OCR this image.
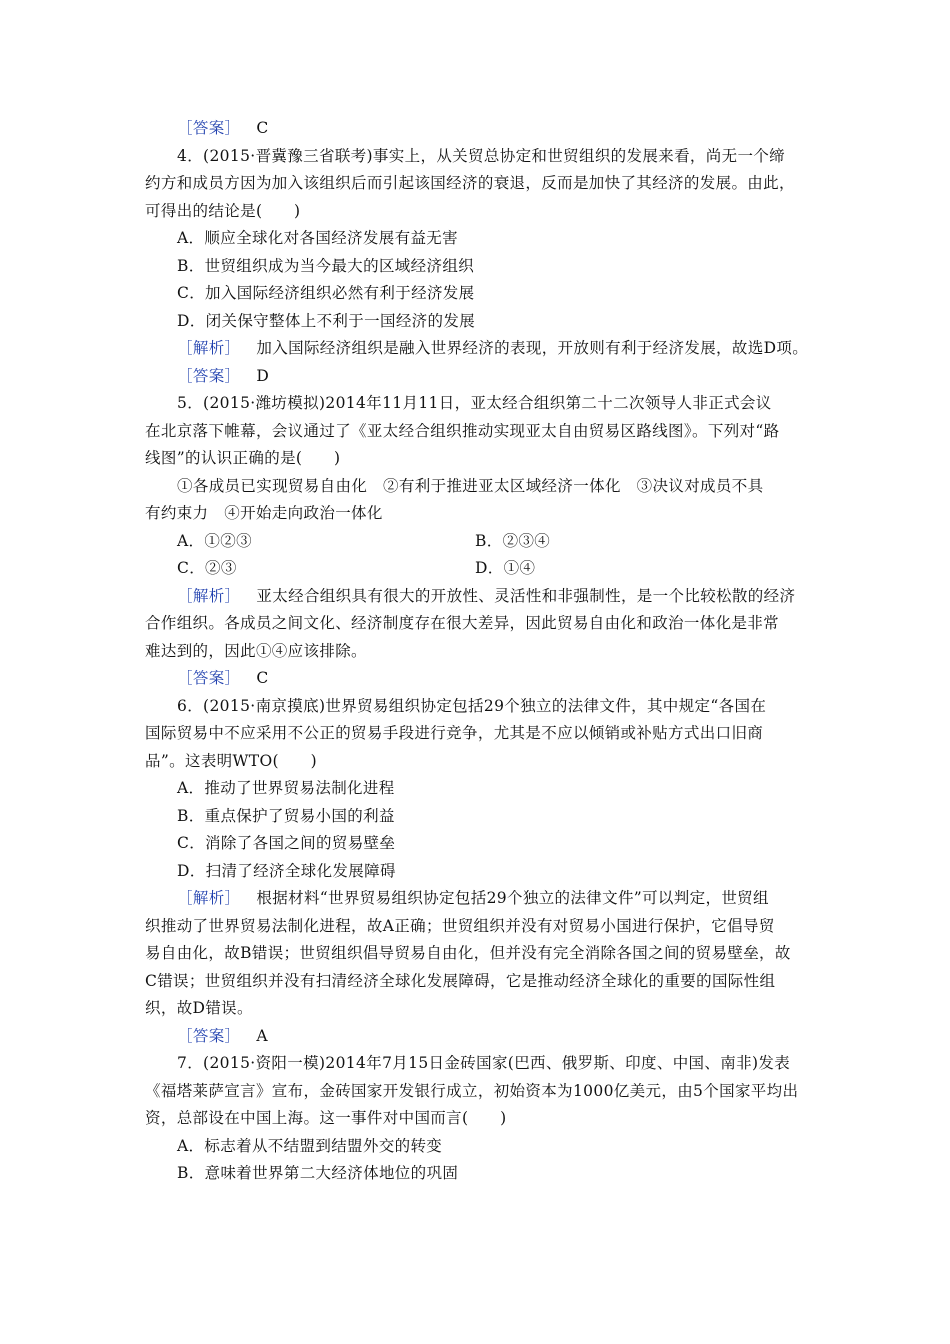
［答案］ C
4．(2015·晋冀豫三省联考)事实上，从关贸总协定和世贸组织的发展来看，尚无一个缔
约方和成员方因为加入该组织后而引起该国经济的衰退，反而是加快了其经济的发展。由此，
可得出的结论是(　　)
A．顺应全球化对各国经济发展有益无害
B．世贸组织成为当今最大的区域经济组织
C．加入国际经济组织必然有利于经济发展
D．闭关保守整体上不利于一国经济的发展
［解析］ 加入国际经济组织是融入世界经济的表现，开放则有利于经济发展，故选D项。
［答案］ D
5．(2015·潍坊模拟)2014年11月11日，亚太经合组织第二十二次领导人非正式会议
在北京落下帷幕，会议通过了《亚太经合组织推动实现亚太自由贸易区路线图》。下列对“路
线图”的认识正确的是(　　)
①各成员已实现贸易自由化　②有利于推进亚太区域经济一体化　③决议对成员不具
有约束力　④开始走向政治一体化
A．①②③	B．②③④
C．②③	D．①④
［解析］ 亚太经合组织具有很大的开放性、灵活性和非强制性，是一个比较松散的经济
合作组织。各成员之间文化、经济制度存在很大差异，因此贸易自由化和政治一体化是非常
难达到的，因此①④应该排除。
［答案］ C
6．(2015·南京摸底)世界贸易组织协定包括29个独立的法律文件，其中规定“各国在
国际贸易中不应采用不公正的贸易手段进行竞争，尤其是不应以倾销或补贴方式出口旧商
品”。这表明WTO(　　)
A．推动了世界贸易法制化进程
B．重点保护了贸易小国的利益
C．消除了各国之间的贸易壁垒
D．扫清了经济全球化发展障碍
［解析］ 根据材料“世界贸易组织协定包括29个独立的法律文件”可以判定，世贸组
织推动了世界贸易法制化进程，故A正确；世贸组织并没有对贸易小国进行保护，它倡导贸
易自由化，故B错误；世贸组织倡导贸易自由化，但并没有完全消除各国之间的贸易壁垒，故
C错误；世贸组织并没有扫清经济全球化发展障碍，它是推动经济全球化的重要的国际性组
织，故D错误。
［答案］ A
7．(2015·资阳一模)2014年7月15日金砖国家(巴西、俄罗斯、印度、中国、南非)发表
《福塔莱萨宣言》宣布，金砖国家开发银行成立，初始资本为1000亿美元，由5个国家平均出
资，总部设在中国上海。这一事件对中国而言(　　)
A．标志着从不结盟到结盟外交的转变
B．意味着世界第二大经济体地位的巩固
